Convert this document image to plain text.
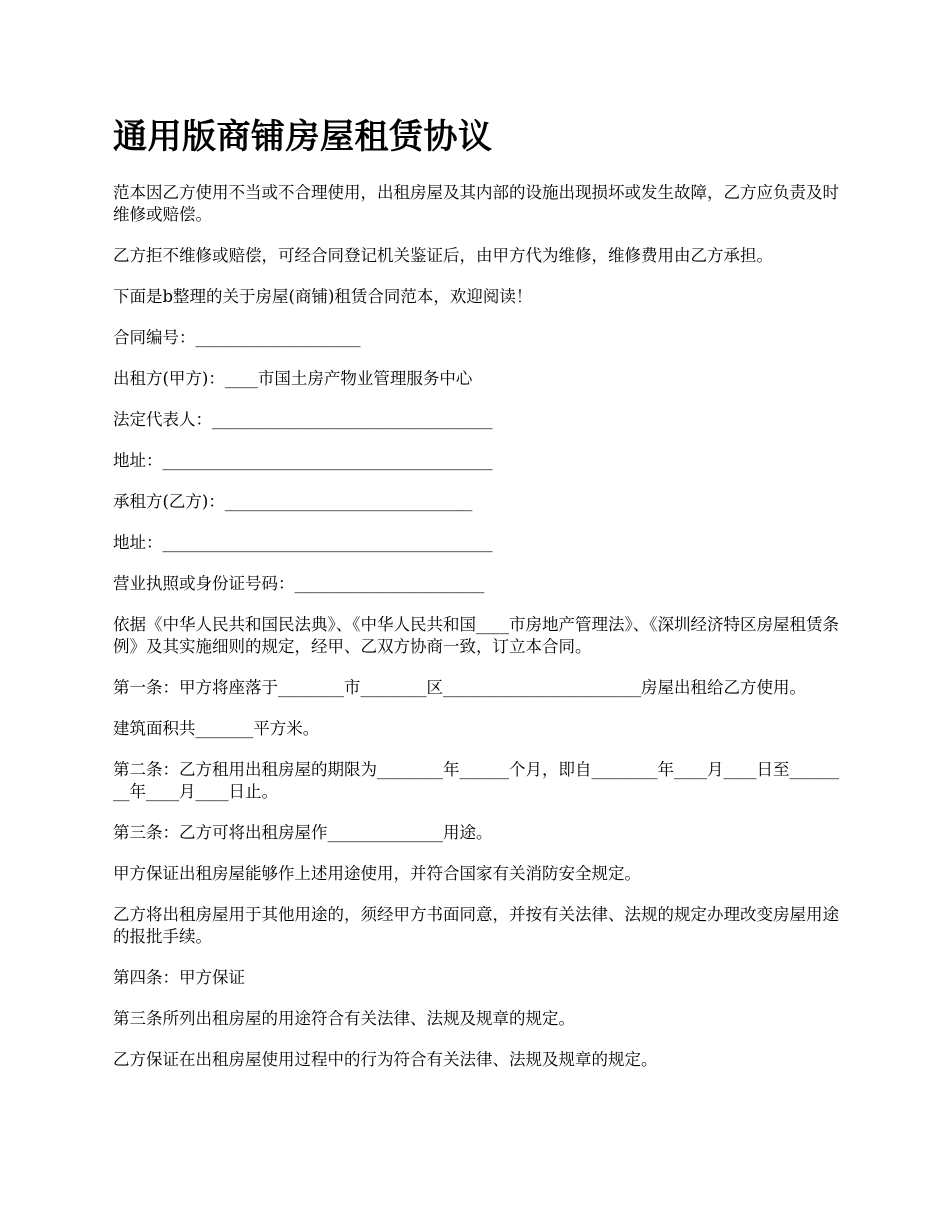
通用版商铺房屋租赁协议

范本因乙方使用不当或不合理使用，出租房屋及其内部的设施出现损坏或发生故障，乙方应负责及时维修或赔偿。

乙方拒不维修或赔偿，可经合同登记机关鉴证后，由甲方代为维修，维修费用由乙方承担。

下面是b整理的关于房屋(商铺)租赁合同范本，欢迎阅读！

合同编号：____________________

出租方(甲方)：____市国土房产物业管理服务中心

法定代表人：__________________________________

地址：________________________________________

承租方(乙方)：______________________________

地址：________________________________________

营业执照或身份证号码：_______________________

依据《中华人民共和国民法典》、《中华人民共和国____市房地产管理法》、《深圳经济特区房屋租赁条例》及其实施细则的规定，经甲、乙双方协商一致，订立本合同。

第一条：甲方将座落于________市________区________________________房屋出租给乙方使用。

建筑面积共_______平方米。

第二条：乙方租用出租房屋的期限为________年______个月，即自________年____月____日至________年____月____日止。

第三条：乙方可将出租房屋作______________用途。

甲方保证出租房屋能够作上述用途使用，并符合国家有关消防安全规定。

乙方将出租房屋用于其他用途的，须经甲方书面同意，并按有关法律、法规的规定办理改变房屋用途的报批手续。

第四条：甲方保证

第三条所列出租房屋的用途符合有关法律、法规及规章的规定。

乙方保证在出租房屋使用过程中的行为符合有关法律、法规及规章的规定。
